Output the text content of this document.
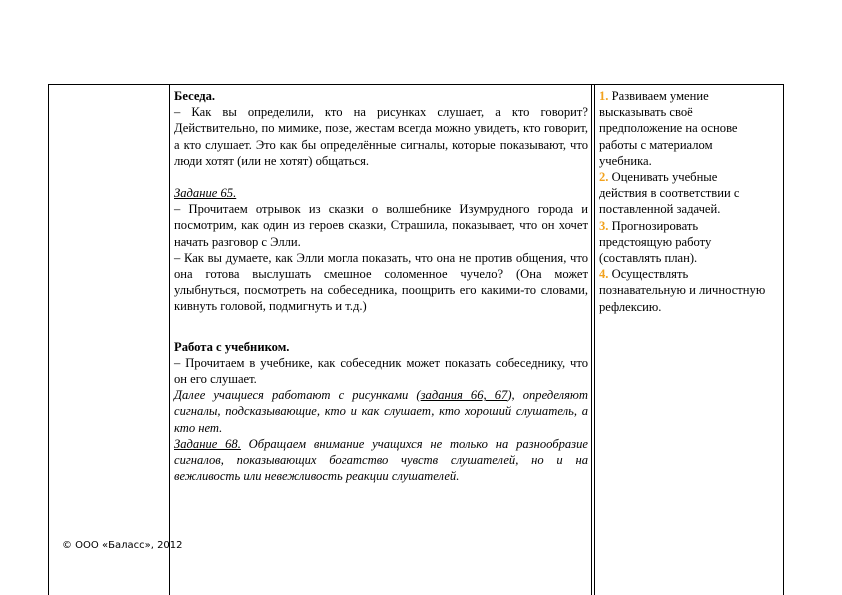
Беседа.

– Как вы определили, кто на рисунках слушает, а кто говорит? Действительно, по мимике, позе, жестам всегда можно увидеть, кто говорит, а кто слушает. Это как бы определённые сигналы, которые показывают, что люди хотят (или не хотят) общаться.

Задание 65.

– Прочитаем отрывок из сказки о волшебнике Изумрудного города и посмотрим, как один из героев сказки, Страшила, показывает, что он хочет начать разговор с Элли.

– Как вы думаете, как Элли могла показать, что она не против общения, что она готова выслушать смешное соломенное чучело? (Она может улыбнуться, посмотреть на собеседника, поощрить его какими-то словами, кивнуть головой, подмигнуть и т.д.)

Работа с учебником.

– Прочитаем в учебнике, как собеседник может показать собеседнику, что он его слушает.

Далее учащиеся работают с рисунками (задания 66, 67), определяют сигналы, подсказывающие, кто и как слушает, кто хороший слушатель, а кто нет.

Задание 68. Обращаем внимание учащихся не только на разнообразие сигналов, показывающих богатство чувств слушателей, но и на вежливость или невежливость реакции слушателей.

1. Развиваем умение высказывать своё предположение на основе работы с материалом учебника.

2. Оценивать учебные действия в соответствии с поставленной задачей.

3. Прогнозировать предстоящую работу (составлять план).

4. Осуществлять познавательную и личностную рефлексию.

© ООО «Баласс», 2012
